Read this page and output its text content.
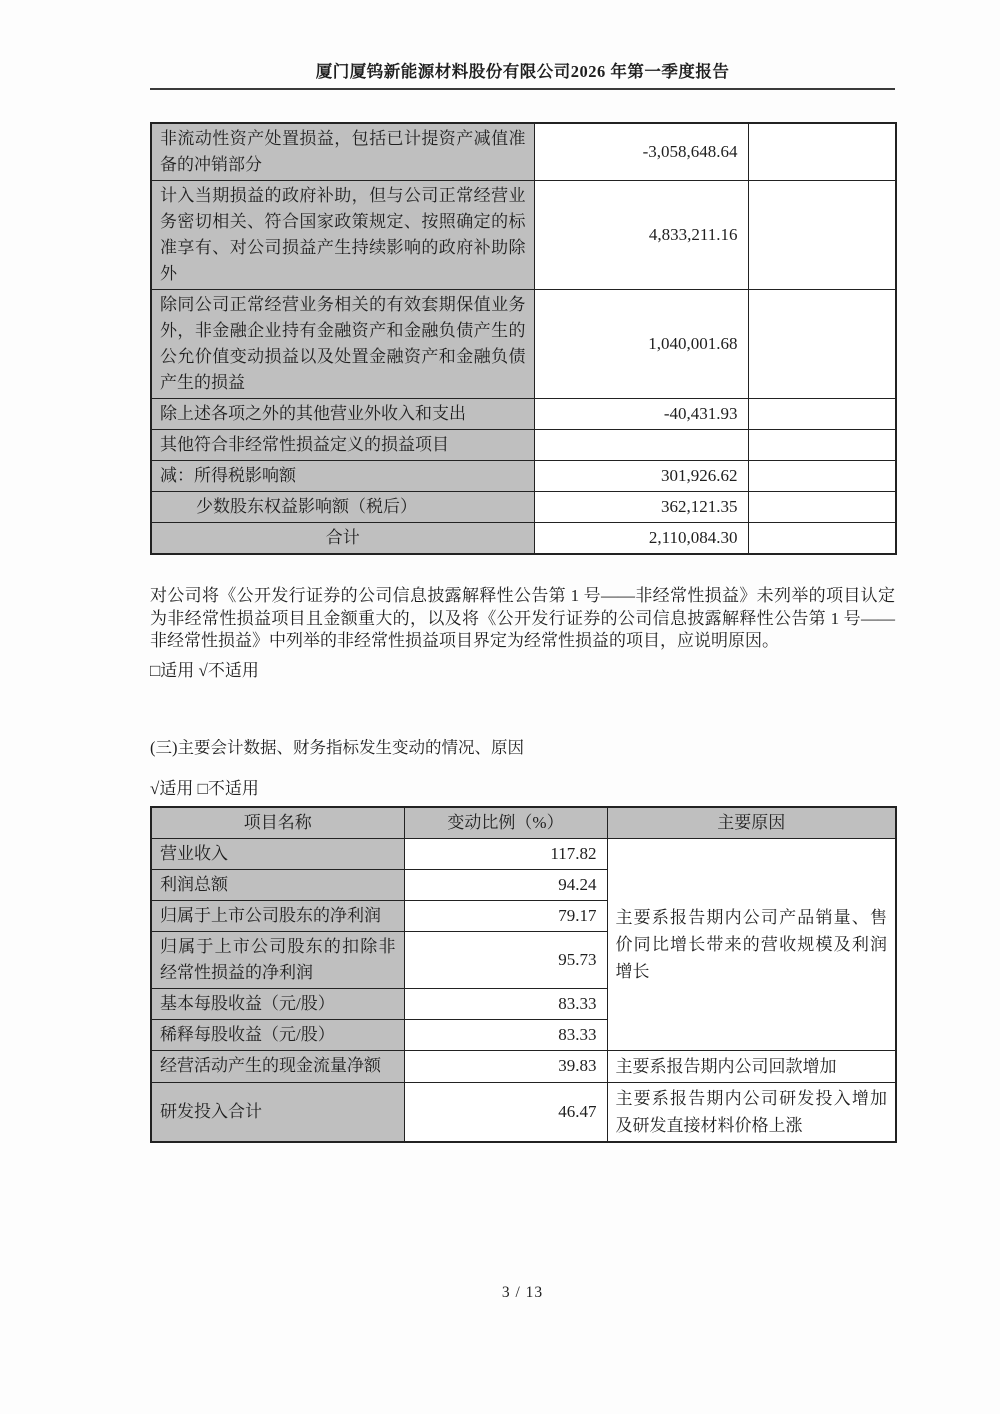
厦门厦钨新能源材料股份有限公司2026 年第一季度报告
非流动性资产处置损益，包括已计提资产减值准备的冲销部分	-3,058,648.64	
计入当期损益的政府补助，但与公司正常经营业务密切相关、符合国家政策规定、按照确定的标准享有、对公司损益产生持续影响的政府补助除外	4,833,211.16	
除同公司正常经营业务相关的有效套期保值业务外，非金融企业持有金融资产和金融负债产生的公允价值变动损益以及处置金融资产和金融负债产生的损益	1,040,001.68	
除上述各项之外的其他营业外收入和支出	-40,431.93	
其他符合非经常性损益定义的损益项目		
减：所得税影响额	301,926.62	
少数股东权益影响额（税后）	362,121.35	
合计	2,110,084.30	
对公司将《公开发行证券的公司信息披露解释性公告第 1 号——非经常性损益》未列举的项目认定为非经常性损益项目且金额重大的，以及将《公开发行证券的公司信息披露解释性公告第 1 号——非经常性损益》中列举的非经常性损益项目界定为经常性损益的项目，应说明原因。
□适用 √不适用
(三)主要会计数据、财务指标发生变动的情况、原因
√适用 □不适用
项目名称	变动比例（%）	主要原因
营业收入	117.82	主要系报告期内公司产品销量、售价同比增长带来的营收规模及利润增长
利润总额	94.24	
归属于上市公司股东的净利润	79.17	
归属于上市公司股东的扣除非经常性损益的净利润	95.73	
基本每股收益（元/股）	83.33	
稀释每股收益（元/股）	83.33	
经营活动产生的现金流量净额	39.83	主要系报告期内公司回款增加
研发投入合计	46.47	主要系报告期内公司研发投入增加及研发直接材料价格上涨
3 / 13
